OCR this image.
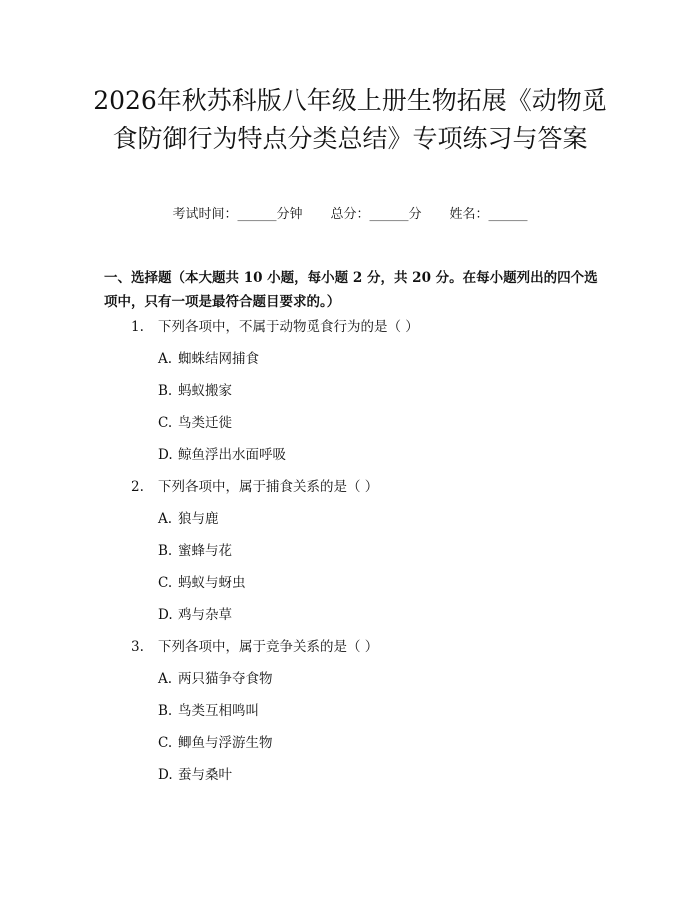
2026年秋苏科版八年级上册生物拓展《动物觅食防御行为特点分类总结》专项练习与答案
考试时间：______分钟 总分：______分 姓名：______

一、选择题（本大题共 10 小题，每小题 2 分，共 20 分。在每小题列出的四个选项中，只有一项是最符合题目要求的。）

1. 下列各项中，不属于动物觅食行为的是（ ）
A. 蜘蛛结网捕食
B. 蚂蚁搬家
C. 鸟类迁徙
D. 鲸鱼浮出水面呼吸
2. 下列各项中，属于捕食关系的是（ ）
A. 狼与鹿
B. 蜜蜂与花
C. 蚂蚁与蚜虫
D. 鸡与杂草
3. 下列各项中，属于竞争关系的是（ ）
A. 两只猫争夺食物
B. 鸟类互相鸣叫
C. 鲫鱼与浮游生物
D. 蚕与桑叶
